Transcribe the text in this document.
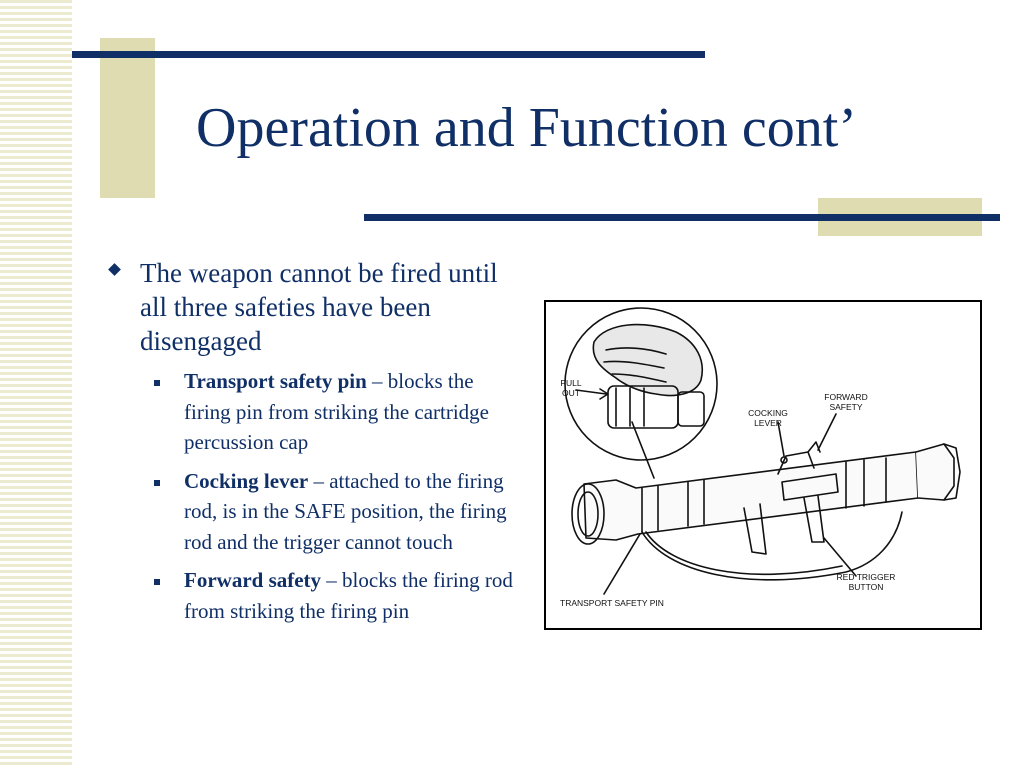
Operation and Function cont’
The weapon cannot be fired until all three safeties have been disengaged
Transport safety pin – blocks the firing pin from striking the cartridge percussion cap
Cocking lever – attached to the firing rod, is in the SAFE position, the firing rod and the trigger cannot touch
Forward safety – blocks the firing rod from striking the firing pin
PULL
OUT
COCKING
LEVER
FORWARD
SAFETY
RED TRIGGER
BUTTON
TRANSPORT SAFETY PIN
